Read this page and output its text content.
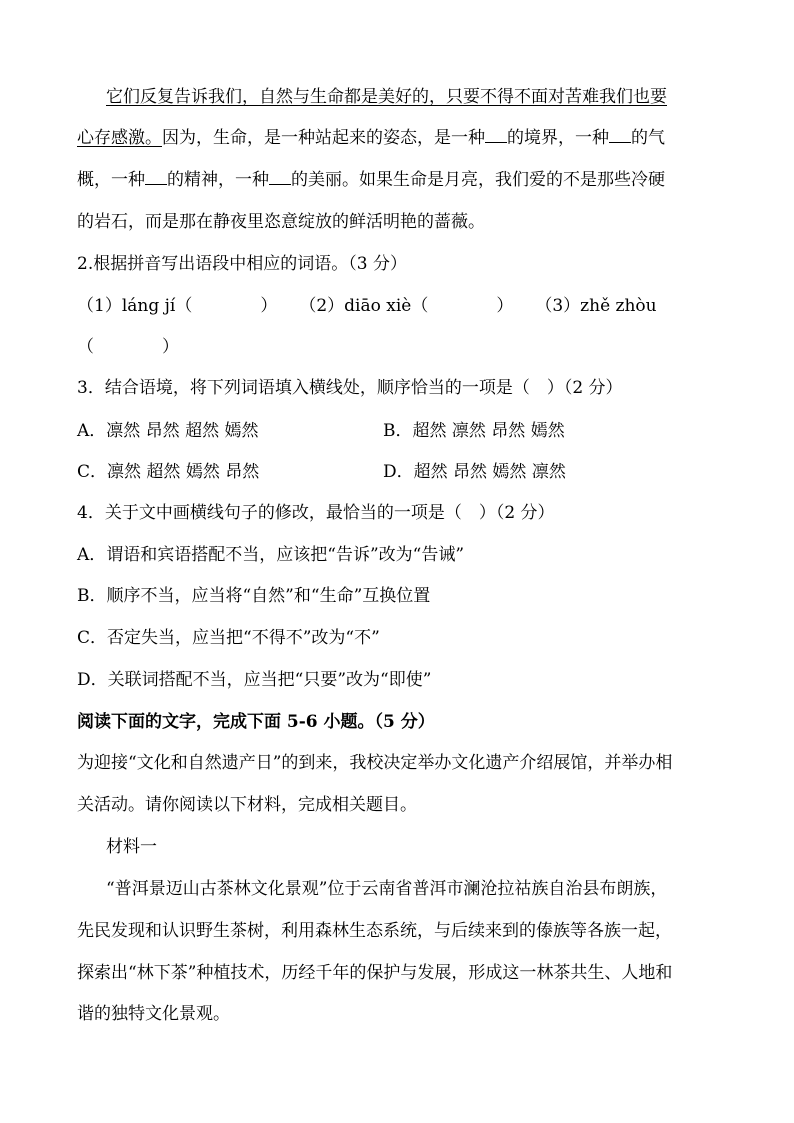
它们反复告诉我们，自然与生命都是美好的，只要不得不面对苦难我们也要
心存感激。因为，生命，是一种站起来的姿态，是一种 的境界，一种 的气
概，一种 的精神，一种 的美丽。如果生命是月亮，我们爱的不是那些冷硬
的岩石，而是那在静夜里恣意绽放的鲜活明艳的蔷薇。
2.根据拼音写出语段中相应的词语。（3 分）
（1）láng jí（　　　　） （2）diāo xiè（　　　　） （3）zhě zhòu
（　　　　）
3．结合语境，将下列词语填入横线处，顺序恰当的一项是（　）（2 分）
A．凛然 昂然 超然 嫣然	B．超然 凛然 昂然 嫣然
C．凛然 超然 嫣然 昂然	D．超然 昂然 嫣然 凛然
4．关于文中画横线句子的修改，最恰当的一项是（　）（2 分）
A．谓语和宾语搭配不当，应该把“告诉”改为“告诫”
B．顺序不当，应当将“自然”和“生命”互换位置
C．否定失当，应当把“不得不”改为“不”
D．关联词搭配不当，应当把“只要”改为“即使”
阅读下面的文字，完成下面 5-6 小题。（5 分）
为迎接“文化和自然遗产日”的到来，我校决定举办文化遗产介绍展馆，并举办相
关活动。请你阅读以下材料，完成相关题目。
材料一
“普洱景迈山古茶林文化景观”位于云南省普洱市澜沧拉祜族自治县布朗族，
先民发现和认识野生茶树，利用森林生态系统，与后续来到的傣族等各族一起，
探索出“林下茶”种植技术，历经千年的保护与发展，形成这一林茶共生、人地和
谐的独特文化景观。
